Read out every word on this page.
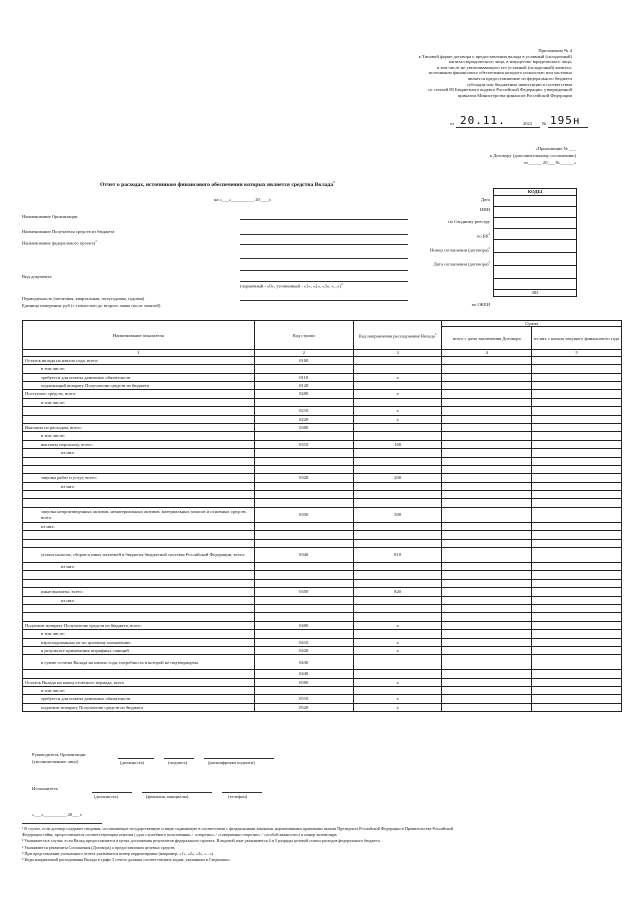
Приложение № 4
к Типовой форме договора о предоставлении вклада в уставный (складочный)
капитал юридического лица, в имущество юридического лица,
в том числе не увеличивающего его уставный (складочный) капитал,
источником финансового обеспечения которого полностью или частично
является предоставляемые из федерального бюджета
субсидии или бюджетные инвестиции в соответствии
со статьей 80 Бюджетного кодекса Российской Федерации, утвержденной
приказом Министерства финансов Российской Федерации
от 20.11.	2021 № 195н
«Приложение № ___
к Договору (дополнительному соглашению)
от______ 20___ №______»
Отчет о расходах, источником финансового обеспечения которых является средства Вклада$^1$
на «___»__________ 20____г.
КОДЫ

383
Дата
ИНН
по Сводному реестру
по $БК^2$
Номер соглашения (договора)$^3$
Дата соглашения (договора)$^3$
по ОКЕИ
Наименование Организации
Наименование Получателя средств из бюджета
Наименование федерального проекта$^2$
Вид документа
(первичный - «0», уточненный - «1», «2», «3», «...»)$^4$
Периодичность (месячная, квартальная, полугодовая, годовая)
Единица измерения: руб (с точностью до второго знака после запятой)
Наименование показателя	Код строки	Код направления расходования Вклада$^5$	Сумма	
			всего с даты заключения Договора	из них с начала текущего финансового года
1	2	3	4	5
Остаток вклада на начало года, всего:	0100			
в том числе:				
требуется для оплаты денежных обязательств	0110	x		
подлежащий возврату Получателю средств из бюджета	0120			
Поступило средств, всего:	0200	x		
в том числе:				
	0210	x		
	0220	x		
Выплаты по расходам, всего:	0300			
в том числе:				
выплаты персоналу, всего:	0310	100		
из них:				

закупка работ и услуг, всего:	0320	200		
из них:				

закупка непроизведенных активов, нематериальных активов, материальных запасов и основных средств, всего:	0330	300		
из них:				

уплата налогов, сборов и иных платежей в бюджеты бюджетной системы Российской Федерации, всего:	0340	810		
из них:				

иные выплаты, всего:	0350	820		
из них:				

Подлежит возврату Получателю средств из бюджета, всего:	0400	x		
в том числе:				
израсходованных не по целевому назначению	0410	x		
в результате применения штрафных санкций	0420	x		
в сумме остатка Вклада на начало года, потребность в которой не подтверждена	0430			
	0440			
Остаток Вклада на конец отчетного периода, всего	0500	x		
в том числе:				
требуется для оплаты денежных обязательств	0510	x		
подлежит возврату Получателю средств из бюджета	0520	x		
Руководитель Организации
(уполномоченное лицо)	(должность)	(подпись)	(расшифровка подписи)
Исполнитель
(должность)	(фамилия, инициалы)	(телефон)
«___»__________ 20___ г.
¹ В случае, если договор содержит сведения, составляющие государственную и иную охраняемую в соответствии с федеральными законами, нормативными правовыми актами Президента Российской Федерации и Правительства Российской
Федерации тайну, предоставляется соответствующим отметки («для служебного пользования» / «секретно» / «совершенно секретно» / «особой важности») и номер экземпляра.
² Указывается в случае, если Вклад предоставляется в целях достижения результатов федерального проекта. В кодовой зоне указываются 4 и 5 разряды целевой статьи расходов федерального бюджета.
³ Указываются реквизиты Соглашения (Договора) о предоставлении целевых средств.
⁴ При представлении уточненного отчета указывается номер корректировки (например, «1», «2», «3», «...»).
⁵ Коды направлений расходования Вклада в графе 3 отчета должны соответствовать кодам, указанным в Сведениях».
